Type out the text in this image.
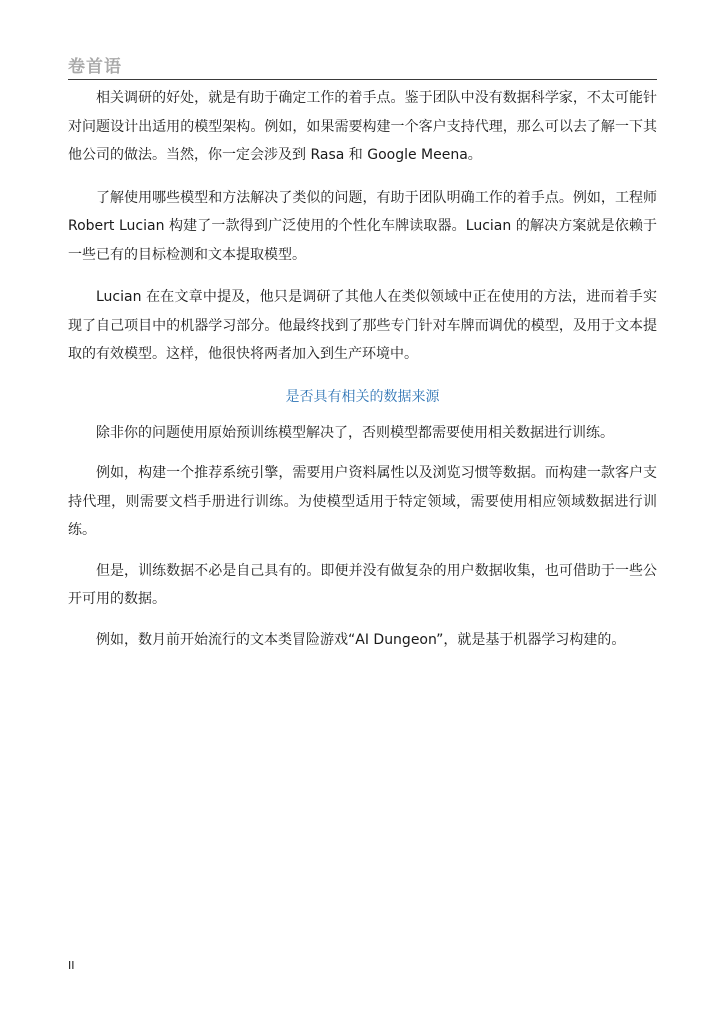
卷首语

相关调研的好处，就是有助于确定工作的着手点。鉴于团队中没有数据科学家，不太可能针对问题设计出适用的模型架构。例如，如果需要构建一个客户支持代理，那么可以去了解一下其他公司的做法。当然，你一定会涉及到 Rasa 和 Google Meena。

了解使用哪些模型和方法解决了类似的问题，有助于团队明确工作的着手点。例如，工程师 Robert Lucian 构建了一款得到广泛使用的个性化车牌读取器。Lucian 的解决方案就是依赖于一些已有的目标检测和文本提取模型。

Lucian 在在文章中提及，他只是调研了其他人在类似领域中正在使用的方法，进而着手实现了自己项目中的机器学习部分。他最终找到了那些专门针对车牌而调优的模型，及用于文本提取的有效模型。这样，他很快将两者加入到生产环境中。

是否具有相关的数据来源

除非你的问题使用原始预训练模型解决了，否则模型都需要使用相关数据进行训练。

例如，构建一个推荐系统引擎，需要用户资料属性以及浏览习惯等数据。而构建一款客户支持代理，则需要文档手册进行训练。为使模型适用于特定领域，需要使用相应领域数据进行训练。

但是，训练数据不必是自己具有的。即便并没有做复杂的用户数据收集，也可借助于一些公开可用的数据。

例如，数月前开始流行的文本类冒险游戏“AI Dungeon”，就是基于机器学习构建的。

II
